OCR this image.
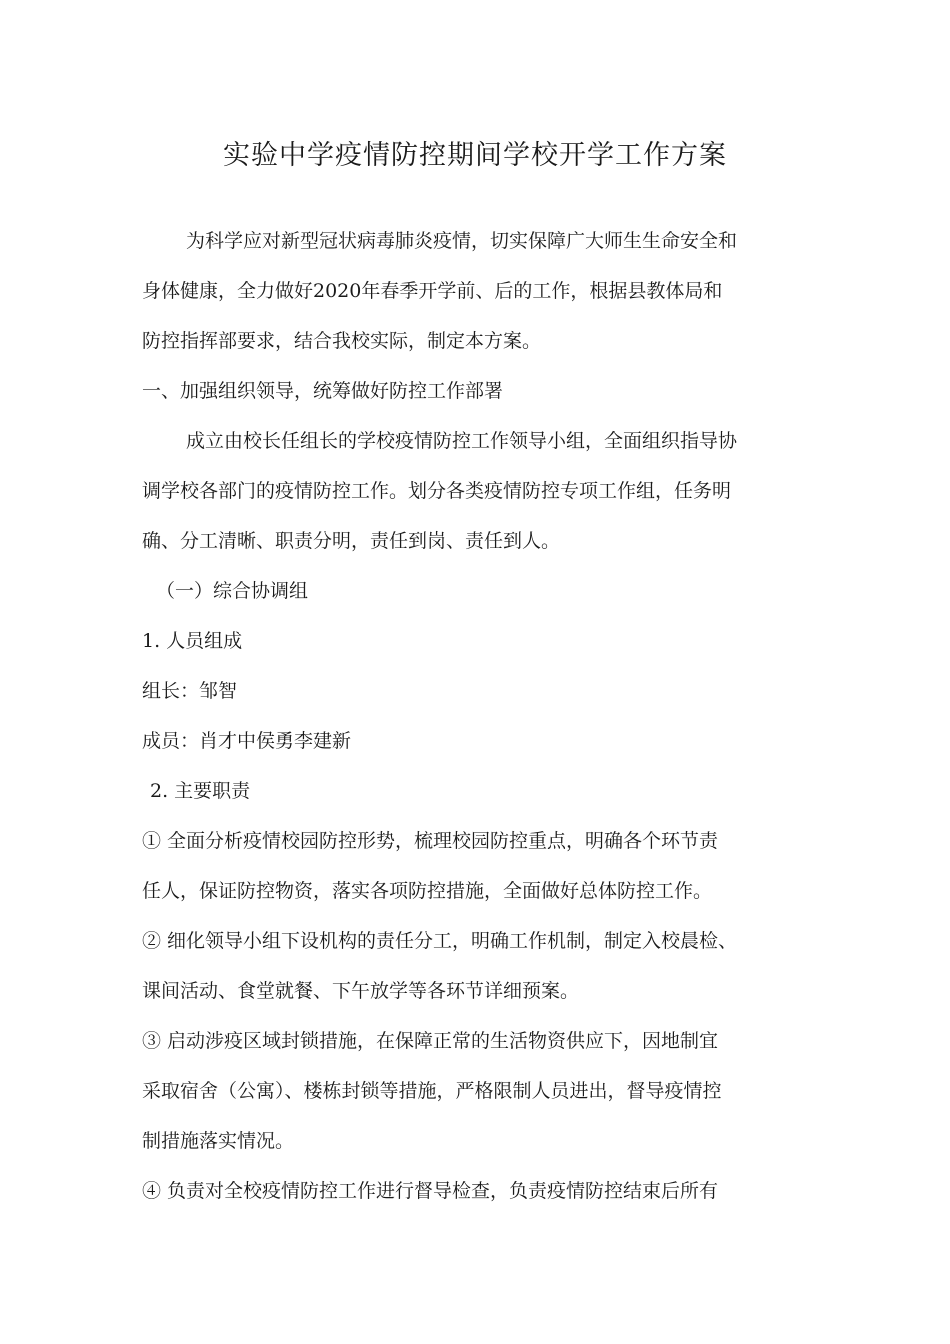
实验中学疫情防控期间学校开学工作方案
为科学应对新型冠状病毒肺炎疫情，切实保障广大师生生命安全和
身体健康，全力做好2020年春季开学前、后的工作，根据县教体局和
防控指挥部要求，结合我校实际，制定本方案。
一、加强组织领导，统筹做好防控工作部署
成立由校长任组长的学校疫情防控工作领导小组，全面组织指导协
调学校各部门的疫情防控工作。划分各类疫情防控专项工作组，任务明
确、分工清晰、职责分明，责任到岗、责任到人。
（一）综合协调组
1. 人员组成
组长：邹智
成员：肖才中侯勇李建新
2. 主要职责
① 全面分析疫情校园防控形势，梳理校园防控重点，明确各个环节责
任人，保证防控物资，落实各项防控措施，全面做好总体防控工作。
② 细化领导小组下设机构的责任分工，明确工作机制，制定入校晨检、
课间活动、食堂就餐、下午放学等各环节详细预案。
③ 启动涉疫区域封锁措施，在保障正常的生活物资供应下，因地制宜
采取宿舍（公寓）、楼栋封锁等措施，严格限制人员进出，督导疫情控
制措施落实情况。
④ 负责对全校疫情防控工作进行督导检查，负责疫情防控结束后所有
